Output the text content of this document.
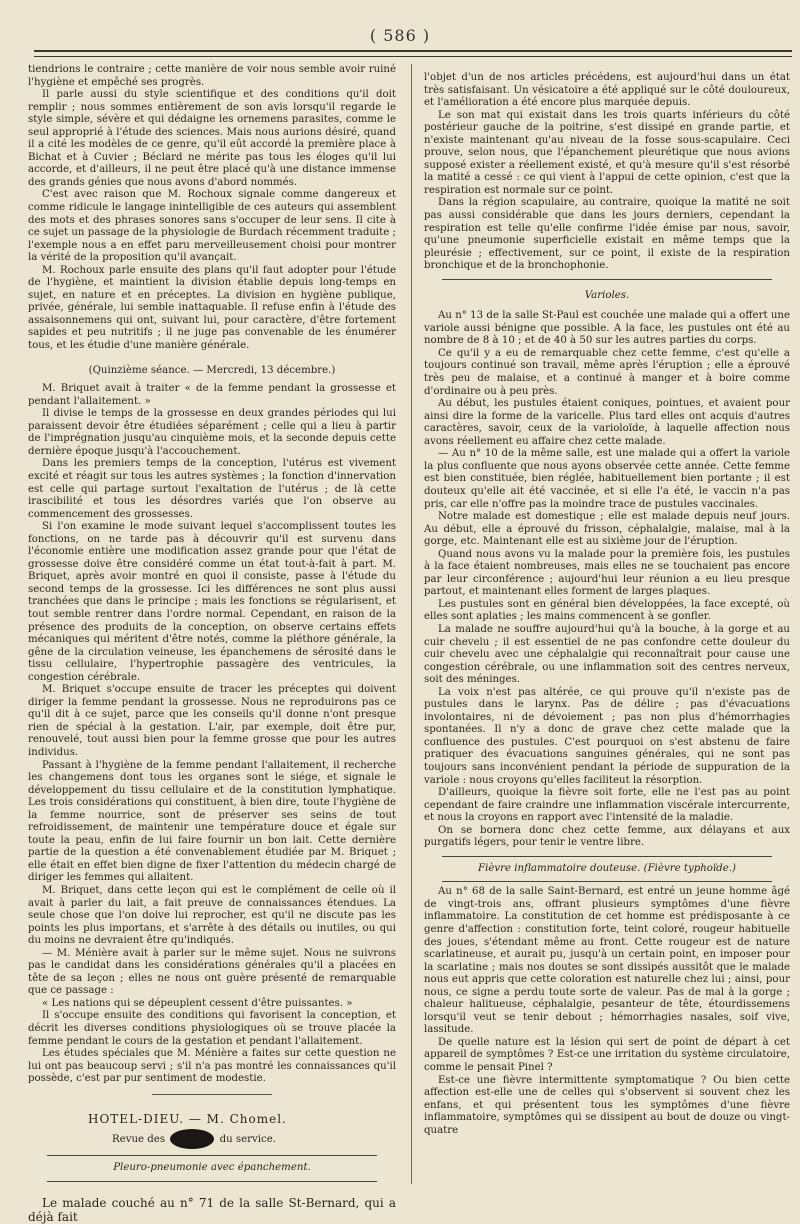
( 586 )

tiendrions le contraire ; cette manière de voir nous semble avoir ruiné l'hygiène et empêché ses progrès.

Il parle aussi du style scientifique et des conditions qu'il doit remplir ; nous sommes entièrement de son avis lorsqu'il regarde le style simple, sévère et qui dédaigne les ornemens parasites, comme le seul approprié à l'étude des sciences. Mais nous aurions désiré, quand il a cité les modèles de ce genre, qu'il eût accordé la première place à Bichat et à Cuvier ; Béclard ne mérite pas tous les éloges qu'il lui accorde, et d'ailleurs, il ne peut être placé qu'à une distance immense des grands génies que nous avons d'abord nommés.

C'est avec raison que M. Rochoux signale comme dangereux et comme ridicule le langage inintelligible de ces auteurs qui assemblent des mots et des phrases sonores sans s'occuper de leur sens. Il cite à ce sujet un passage de la physiologie de Burdach récemment traduite ; l'exemple nous a en effet paru merveilleusement choisi pour montrer la vérité de la proposition qu'il avançait.

M. Rochoux parle ensuite des plans qu'il faut adopter pour l'étude de l'hygiène, et maintient la division établie depuis long-temps en sujet, en nature et en préceptes. La division en hygiène publique, privée, générale, lui semble inattaquable. Il refuse enfin à l'étude des assaisonnemens qui ont, suivant lui, pour caractère, d'être fortement sapides et peu nutritifs ; il ne juge pas convenable de les énumérer tous, et les étudie d'une manière générale.

(Quinzième séance. — Mercredi, 13 décembre.)

M. Briquet avait à traiter « de la femme pendant la grossesse et pendant l'allaitement. »

Il divise le temps de la grossesse en deux grandes périodes qui lui paraissent devoir être étudiées séparément ; celle qui a lieu à partir de l'imprégnation jusqu'au cinquième mois, et la seconde depuis cette dernière époque jusqu'à l'accouchement.

Dans les premiers temps de la conception, l'utérus est vivement excité et réagit sur tous les autres systèmes ; la fonction d'innervation est celle qui partage surtout l'exaltation de l'utérus ; de là cette irascibilité et tous les désordres variés que l'on observe au commencement des grossesses.

Si l'on examine le mode suivant lequel s'accomplissent toutes les fonctions, on ne tarde pas à découvrir qu'il est survenu dans l'économie entière une modification assez grande pour que l'état de grossesse doive être considéré comme un état tout-à-fait à part. M. Briquet, après avoir montré en quoi il consiste, passe à l'étude du second temps de la grossesse. Ici les différences ne sont plus aussi tranchées que dans le principe ; mais les fonctions se régularisent, et tout semble rentrer dans l'ordre normal. Cependant, en raison de la présence des produits de la conception, on observe certains effets mécaniques qui méritent d'être notés, comme la pléthore générale, la gêne de la circulation veineuse, les épanchemens de sérosité dans le tissu cellulaire, l'hypertrophie passagère des ventricules, la congestion cérébrale.

M. Briquet s'occupe ensuite de tracer les préceptes qui doivent diriger la femme pendant la grossesse. Nous ne reproduirons pas ce qu'il dit à ce sujet, parce que les conseils qu'il donne n'ont presque rien de spécial à la gestation. L'air, par exemple, doit être pur, renouvelé, tout aussi bien pour la femme grosse que pour les autres individus.

Passant à l'hygiène de la femme pendant l'allaitement, il recherche les changemens dont tous les organes sont le siége, et signale le développement du tissu cellulaire et de la constitution lymphatique. Les trois considérations qui constituent, à bien dire, toute l'hygiène de la femme nourrice, sont de préserver ses seins de tout refroidissement, de maintenir une température douce et égale sur toute la peau, enfin de lui faire fournir un bon lait. Cette dernière partie de la question a été convenablement étudiée par M. Briquet ; elle était en effet bien digne de fixer l'attention du médecin chargé de diriger les femmes qui allaitent.

M. Briquet, dans cette leçon qui est le complément de celle où il avait à parler du lait, a fait preuve de connaissances étendues. La seule chose que l'on doive lui reprocher, est qu'il ne discute pas les points les plus importans, et s'arrête à des détails ou inutiles, ou qui du moins ne devraient être qu'indiqués.

— M. Ménière avait à parler sur le même sujet. Nous ne suivrons pas le candidat dans les considérations générales qu'il a placées en tête de sa leçon ; elles ne nous ont guère présenté de remarquable que ce passage :

« Les nations qui se dépeuplent cessent d'être puissantes. »

Il s'occupe ensuite des conditions qui favorisent la conception, et décrit les diverses conditions physiologiques où se trouve placée la femme pendant le cours de la gestation et pendant l'allaitement.

Les études spéciales que M. Ménière a faites sur cette question ne lui ont pas beaucoup servi ; s'il n'a pas montré les connaissances qu'il possède, c'est par pur sentiment de modestie.

HOTEL-DIEU. — M. Chomel.

Revue des	du service.

Pleuro-pneumonie avec épanchement.

Le malade couché au n° 71 de la salle St-Bernard, qui a déjà fait

l'objet d'un de nos articles précédens, est aujourd'hui dans un état très satisfaisant. Un vésicatoire a été appliqué sur le côté douloureux, et l'amélioration a été encore plus marquée depuis.

Le son mat qui existait dans les trois quarts inférieurs du côté postérieur gauche de la poitrine, s'est dissipé en grande partie, et n'existe maintenant qu'au niveau de la fosse sous-scapulaire. Ceci prouve, selon nous, que l'épanchement pleurétique que nous avions supposé exister a réellement existé, et qu'à mesure qu'il s'est résorbé la matité a cessé : ce qui vient à l'appui de cette opinion, c'est que la respiration est normale sur ce point.

Dans la région scapulaire, au contraire, quoique la matité ne soit pas aussi considérable que dans les jours derniers, cependant la respiration est telle qu'elle confirme l'idée émise par nous, savoir, qu'une pneumonie superficielle existait en même temps que la pleurésie ; effectivement, sur ce point, il existe de la respiration bronchique et de la bronchophonie.

Varioles.

Au n° 13 de la salle St-Paul est couchée une malade qui a offert une variole aussi bénigne que possible. A la face, les pustules ont été au nombre de 8 à 10 ; et de 40 à 50 sur les autres parties du corps.

Ce qu'il y a eu de remarquable chez cette femme, c'est qu'elle a toujours continué son travail, même après l'éruption ; elle a éprouvé très peu de malaise, et a continué à manger et à boire comme d'ordinaire ou à peu près.

Au début, les pustules étaient coniques, pointues, et avaient pour ainsi dire la forme de la varicelle. Plus tard elles ont acquis d'autres caractères, savoir, ceux de la varioloïde, à laquelle affection nous avons réellement eu affaire chez cette malade.

— Au n° 10 de la même salle, est une malade qui a offert la variole la plus confluente que nous ayons observée cette année. Cette femme est bien constituée, bien réglée, habituellement bien portante ; il est douteux qu'elle ait été vaccinée, et si elle l'a été, le vaccin n'a pas pris, car elle n'offre pas la moindre trace de pustules vaccinales.

Notre malade est domestique ; elle est malade depuis neuf jours. Au début, elle a éprouvé du frisson, céphalalgie, malaise, mal à la gorge, etc. Maintenant elle est au sixième jour de l'éruption.

Quand nous avons vu la malade pour la première fois, les pustules à la face étaient nombreuses, mais elles ne se touchaient pas encore par leur circonférence ; aujourd'hui leur réunion a eu lieu presque partout, et maintenant elles forment de larges plaques.

Les pustules sont en général bien développées, la face excepté, où elles sont aplaties ; les mains commencent à se gonfler.

La malade ne souffre aujourd'hui qu'à la bouche, à la gorge et au cuir chevelu ; il est essentiel de ne pas confondre cette douleur du cuir chevelu avec une céphalalgie qui reconnaîtrait pour cause une congestion cérébrale, ou une inflammation soit des centres nerveux, soit des méninges.

La voix n'est pas altérée, ce qui prouve qu'il n'existe pas de pustules dans le larynx. Pas de délire ; pas d'évacuations involontaires, ni de dévoiement ; pas non plus d'hémorrhagies spontanées. Il n'y a donc de grave chez cette malade que la confluence des pustules. C'est pourquoi on s'est abstenu de faire pratiquer des évacuations sanguines générales, qui ne sont pas toujours sans inconvénient pendant la période de suppuration de la variole : nous croyons qu'elles faciliteut la résorption.

D'ailleurs, quoique la fièvre soit forte, elle ne l'est pas au point cependant de faire craindre une inflammation viscérale intercurrente, et nous la croyons en rapport avec l'intensité de la maladie.

On se bornera donc chez cette femme, aux délayans et aux purgatifs légers, pour tenir le ventre libre.

Fièvre inflammatoire douteuse. (Fièvre typhoïde.)

Au n° 68 de la salle Saint-Bernard, est entré un jeune homme âgé de vingt-trois ans, offrant plusieurs symptômes d'une fièvre inflammatoire. La constitution de cet homme est prédisposante à ce genre d'affection : constitution forte, teint coloré, rougeur habituelle des joues, s'étendant même au front. Cette rougeur est de nature scarlatineuse, et aurait pu, jusqu'à un certain point, en imposer pour la scarlatine ; mais nos doutes se sont dissipés aussitôt que le malade nous eut appris que cette coloration est naturelle chez lui ; ainsi, pour nous, ce signe a perdu toute sorte de valeur. Pas de mal à la gorge ; chaleur halitueuse, céphalalgie, pesanteur de tête, étourdissemens lorsqu'il veut se tenir debout ; hémorrhagies nasales, soif vive, lassitude.

De quelle nature est la lésion qui sert de point de départ à cet appareil de symptômes ? Est-ce une irritation du système circulatoire, comme le pensait Pinel ?

Est-ce une fièvre intermittente symptomatique ? Ou bien cette affection est-elle une de celles qui s'observent si souvent chez les enfans, et qui présentent tous les symptômes d'une fièvre inflammatoire, symptômes qui se dissipent au bout de douze ou vingt-quatre
